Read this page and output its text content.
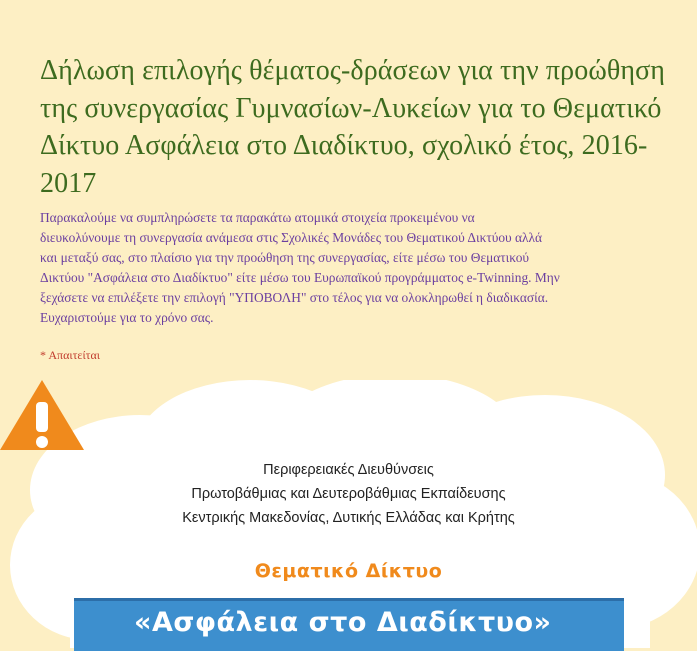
Δήλωση επιλογής θέματος-δράσεων για την προώθηση της συνεργασίας Γυμνασίων-Λυκείων για το Θεματικό Δίκτυο Ασφάλεια στο Διαδίκτυο, σχολικό έτος, 2016-2017
Παρακαλούμε να συμπληρώσετε τα παρακάτω ατομικά στοιχεία προκειμένου να
διευκολύνουμε τη συνεργασία ανάμεσα στις Σχολικές Μονάδες του Θεματικού Δικτύου αλλά
και μεταξύ σας, στο πλαίσιο για την προώθηση της συνεργασίας, είτε μέσω του Θεματικού
Δικτύου "Ασφάλεια στο Διαδίκτυο" είτε μέσω του Ευρωπαϊκού προγράμματος e-Twinning. Μην
ξεχάσετε να επιλέξετε την επιλογή "ΥΠΟΒΟΛΗ" στο τέλος για να ολοκληρωθεί η διαδικασία.
Ευχαριστούμε για το χρόνο σας.
* Απαιτείται
Περιφερειακές Διευθύνσεις
Πρωτοβάθμιας και Δευτεροβάθμιας Εκπαίδευσης
Κεντρικής Μακεδονίας, Δυτικής Ελλάδας και Κρήτης
Θεματικό Δίκτυο
«Ασφάλεια στο Διαδίκτυο»
